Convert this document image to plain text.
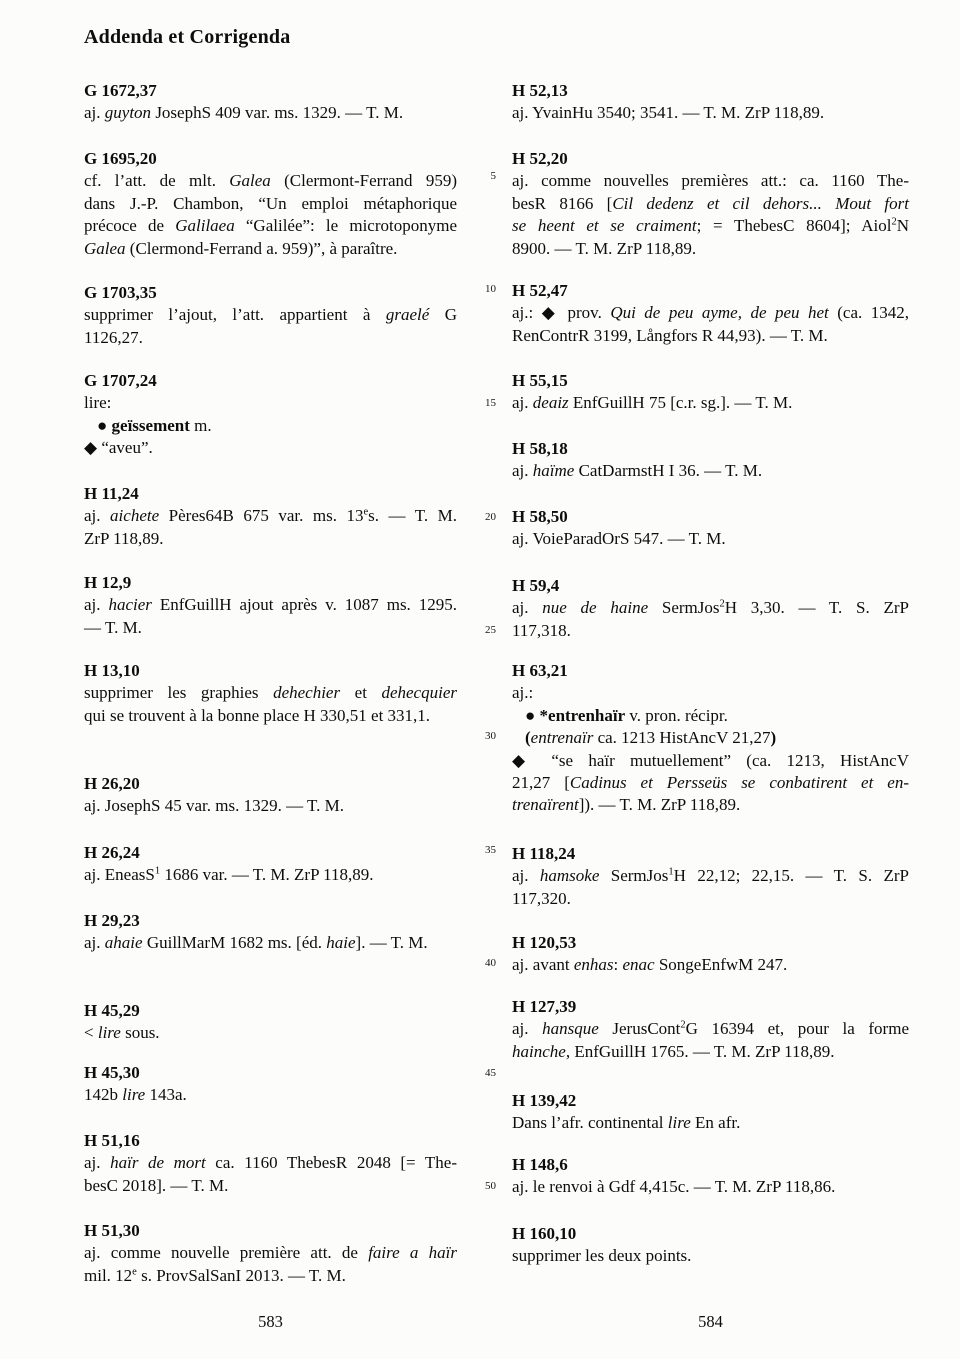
Addenda et Corrigenda
G 1672,37
aj. guyton JosephS 409 var. ms. 1329. — T. M.
G 1695,20
cf. l’att. de mlt. Galea (Clermont-Ferrand 959)
dans J.-P. Chambon, “Un emploi métaphorique
précoce de Galilaea “Galilée”: le microtoponyme
Galea (Clermond-Ferrand a. 959)”, à paraître.
G 1703,35
supprimer l’ajout, l’att. appartient à graelé G
1126,27.
G 1707,24
lire:
● geïssement m.
◆ “aveu”.
H 11,24
aj. aichete Pères64B 675 var. ms. 13es. — T. M.
ZrP 118,89.
H 12,9
aj. hacier EnfGuillH ajout après v. 1087 ms. 1295.
— T. M.
H 13,10
supprimer les graphies dehechier et dehecquier
qui se trouvent à la bonne place H 330,51 et 331,1.
H 26,20
aj. JosephS 45 var. ms. 1329. — T. M.
H 26,24
aj. EneasS$^1$ 1686 var. — T. M. ZrP 118,89.
H 29,23
aj. ahaie GuillMarM 1682 ms. [éd. haie]. — T. M.
H 45,29
< lire sous.
H 45,30
142b lire 143a.
H 51,16
aj. haïr de mort ca. 1160 ThebesR 2048 [= The-
besC 2018]. — T. M.
H 51,30
aj. comme nouvelle première att. de faire a haïr
mil. 12e s. ProvSalSanI 2013. — T. M.
H 52,13
aj. YvainHu 3540; 3541. — T. M. ZrP 118,89.
H 52,20
aj. comme nouvelles premières att.: ca. 1160 The-
besR 8166 [Cil dedenz et cil dehors... Mout fort
se heent et se craiment; = ThebesC 8604]; Aiol$^2$N
8900. — T. M. ZrP 118,89.
H 52,47
aj.: ◆ prov. Qui de peu ayme, de peu het (ca. 1342,
RenContrR 3199, Långfors R 44,93). — T. M.
H 55,15
aj. deaiz EnfGuillH 75 [c.r. sg.]. — T. M.
H 58,18
aj. haïme CatDarmstH I 36. — T. M.
H 58,50
aj. VoieParadOrS 547. — T. M.
H 59,4
aj. nue de haine SermJos$^2$H 3,30. — T. S. ZrP
117,318.
H 63,21
aj.:
● *entrenhaïr v. pron. récipr.
(entrenaïr ca. 1213 HistAncV 21,27)
◆ “se haïr mutuellement” (ca. 1213, HistAncV
21,27 [Cadinus et Persseüs se conbatirent et en-
trenaïrent]). — T. M. ZrP 118,89.
H 118,24
aj. hamsoke SermJos$^1$H 22,12; 22,15. — T. S. ZrP
117,320.
H 120,53
aj. avant enhas: enac SongeEnfwM 247.
H 127,39
aj. hansque JerusCont$^2$G 16394 et, pour la forme
hainche, EnfGuillH 1765. — T. M. ZrP 118,89.
H 139,42
Dans l’afr. continental lire En afr.
H 148,6
aj. le renvoi à Gdf 4,415c. — T. M. ZrP 118,86.
H 160,10
supprimer les deux points.
5
10
15
20
25
30
35
40
45
50
583	584
